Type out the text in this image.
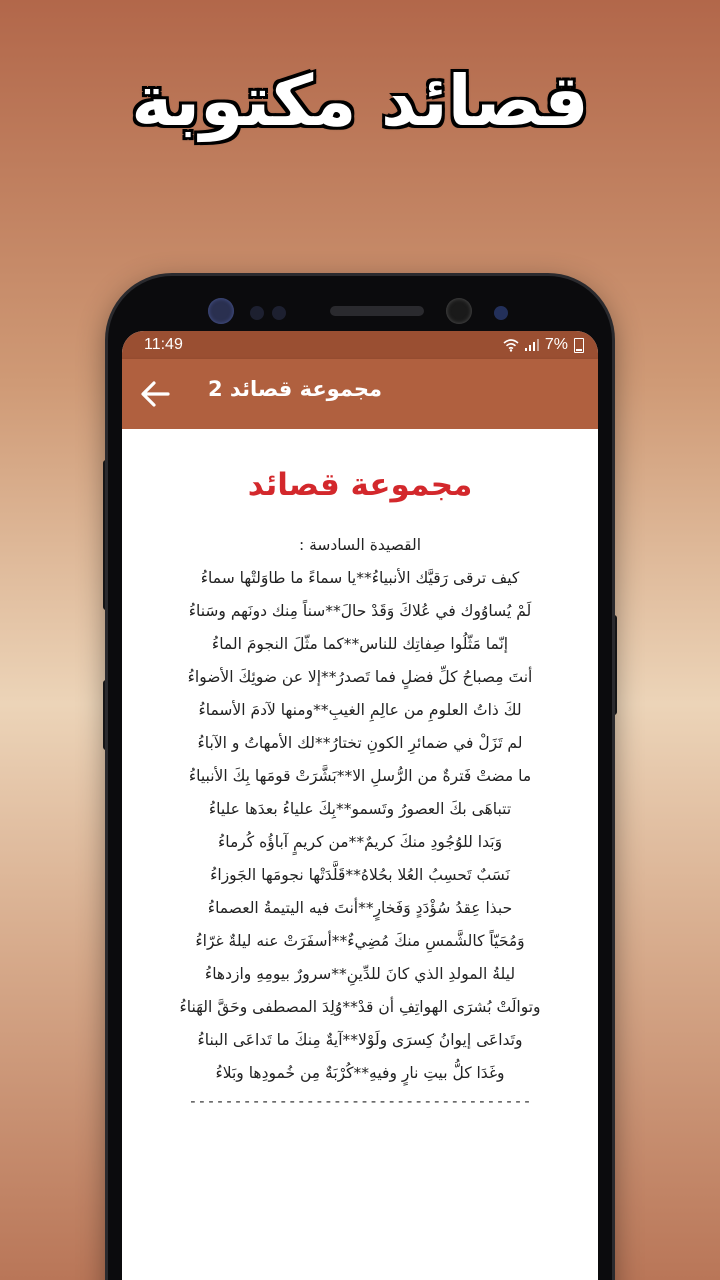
قصائد مكتوبة
11:49	7%
مجموعة قصائد 2
مجموعة قصائد
القصيدة السادسة :
كيف ترقى رَقيَّك الأنبياءُ**يا سماءً ما طاوَلتْها سماءُ
لَمْ يُساوُوك في عُلاكَ وَقَدْ حالَ**سناً مِنك دونَهم وسَناءُ
إنّما مَثّلُوا صِفاتِك للناس**كما مثّلَ النجومَ الماءُ
أنتَ مِصباحُ كلِّ فضلٍ فما تَصدرُ**إلا عن ضوئِكَ الأضواءُ
لكَ ذاتُ العلومِ من عالِمِ الغيبِ**ومنها لآدمَ الأسماءُ
لم تَزَلْ في ضمائرِ الكونِ تختارُ**لك الأمهاتُ و الآباءُ
ما مضتْ فَترةٌ من الرُّسلِ الا**بَشَّرَتْ قومَها بِكَ الأنبياءُ
تتباهَى بكَ العصورُ وتَسمو**بِكَ علياءُ بعدَها علياءُ
وَبَدا للوُجُودِ منكَ كريمٌ**من كريمٍ آباؤُه كُرماءُ
نَسَبٌ تَحسِبُ العُلا بحُلاهُ**قَلَّدَتْها نجومَها الجَوزاءُ
حبذا عِقدُ سُؤْدَدٍ وَفَخارٍ**أنتَ فيه اليتيمةُ العصماءُ
وَمُحَيّاً كالشَّمسِ منكَ مُضِيءٌ**أسفَرَتْ عنه ليلةٌ غرّاءُ
ليلةُ المولدِ الذي كانَ للدِّينِ**سرورٌ بيومِهِ وازدهاءُ
وتوالَتْ بُشرَى الهواتِفِ أن قدْ**وُلِدَ المصطفى وحَقَّ الهَناءُ
وتَداعَى إيوانُ كِسرَى ولَوْلا**آيةٌ مِنكَ ما تَداعَى البناءُ
وغَدَا كلُّ بيتِ نارٍ وفيهِ**كُرْبَةٌ مِن خُمودِها وبَلاءُ
--------------------------------------
